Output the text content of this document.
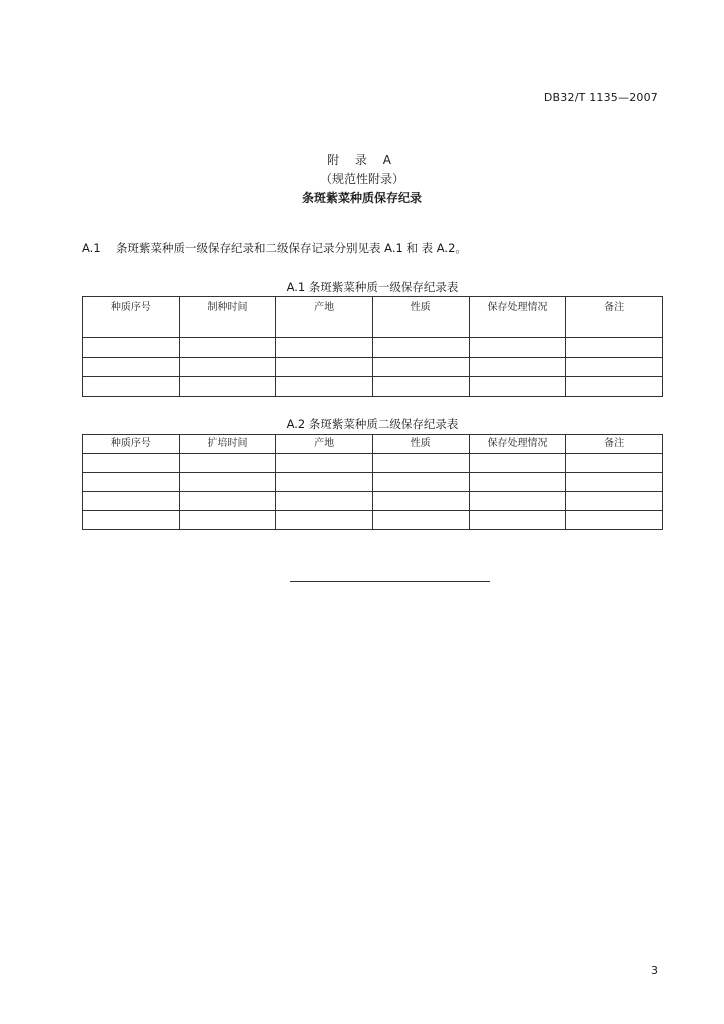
DB32/T 1135—2007
附 录 A
（规范性附录）
条斑紫菜种质保存纪录
A.1 条斑紫菜种质一级保存纪录和二级保存记录分别见表 A.1 和 表 A.2。
A.1 条斑紫菜种质一级保存纪录表
种质序号	制种时间	产地	性质	保存处理情况	备注

A.2 条斑紫菜种质二级保存纪录表
种质序号	扩培时间	产地	性质	保存处理情况	备注

3
